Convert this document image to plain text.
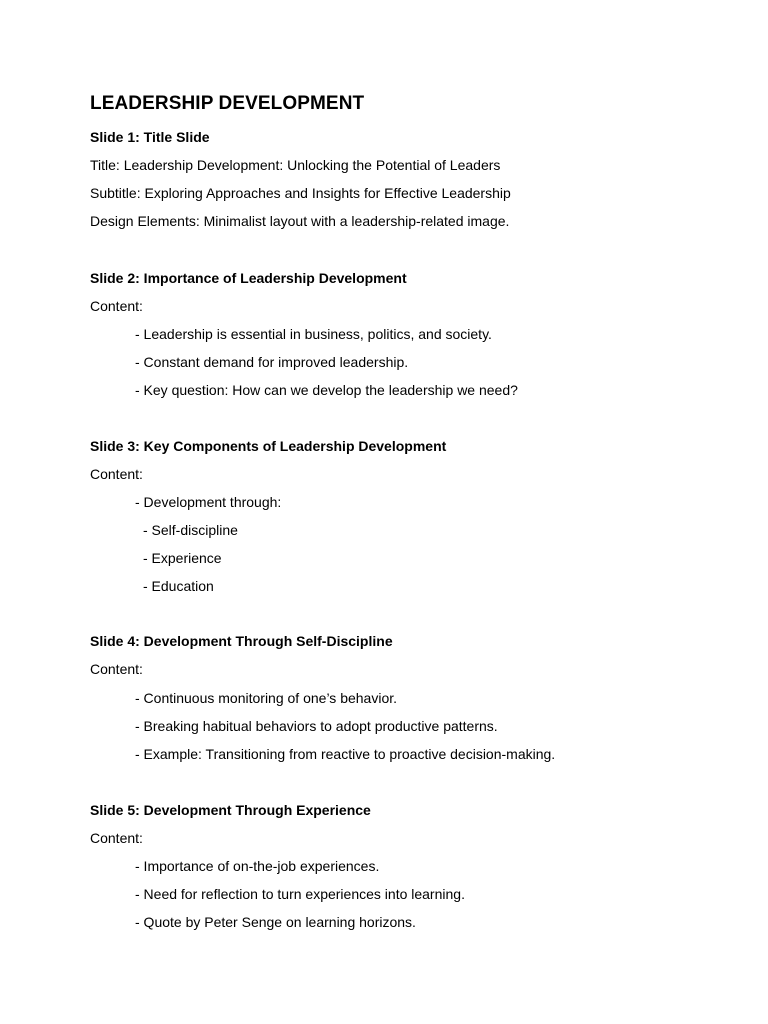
LEADERSHIP DEVELOPMENT
Slide 1: Title Slide
Title: Leadership Development: Unlocking the Potential of Leaders
Subtitle: Exploring Approaches and Insights for Effective Leadership
Design Elements: Minimalist layout with a leadership-related image.
Slide 2: Importance of Leadership Development
Content:
- Leadership is essential in business, politics, and society.
- Constant demand for improved leadership.
- Key question: How can we develop the leadership we need?
Slide 3: Key Components of Leadership Development
Content:
- Development through:
- Self-discipline
- Experience
- Education
Slide 4: Development Through Self-Discipline
Content:
- Continuous monitoring of one’s behavior.
- Breaking habitual behaviors to adopt productive patterns.
- Example: Transitioning from reactive to proactive decision-making.
Slide 5: Development Through Experience
Content:
- Importance of on-the-job experiences.
- Need for reflection to turn experiences into learning.
- Quote by Peter Senge on learning horizons.
